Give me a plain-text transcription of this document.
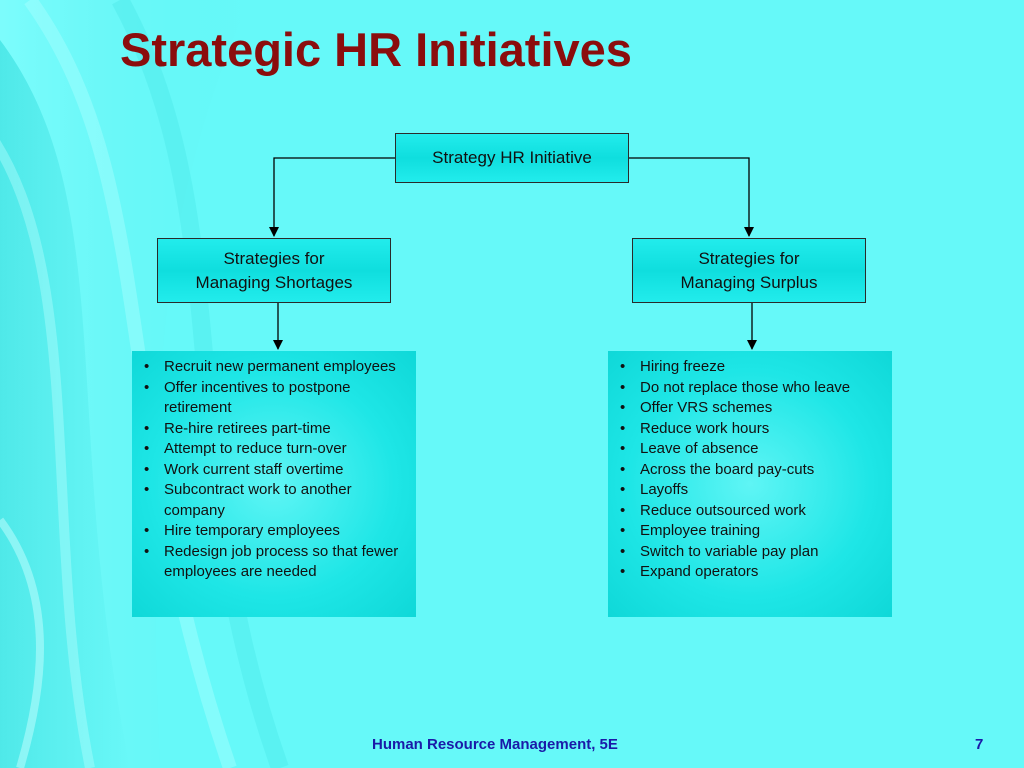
Strategic HR Initiatives
Strategy HR Initiative
Strategies for Managing Shortages
Strategies for Managing Surplus
• Recruit new permanent employees
• Offer incentives to postpone retirement
• Re-hire retirees part-time
• Attempt to reduce turn-over
• Work current staff overtime
• Subcontract work to another company
• Hire temporary employees
• Redesign job process so that fewer employees are needed
• Hiring freeze
• Do not replace those who leave
• Offer VRS schemes
• Reduce work hours
• Leave of absence
• Across the board pay-cuts
• Layoffs
• Reduce outsourced work
• Employee training
• Switch to variable pay plan
• Expand operators
Human Resource Management, 5E	7
